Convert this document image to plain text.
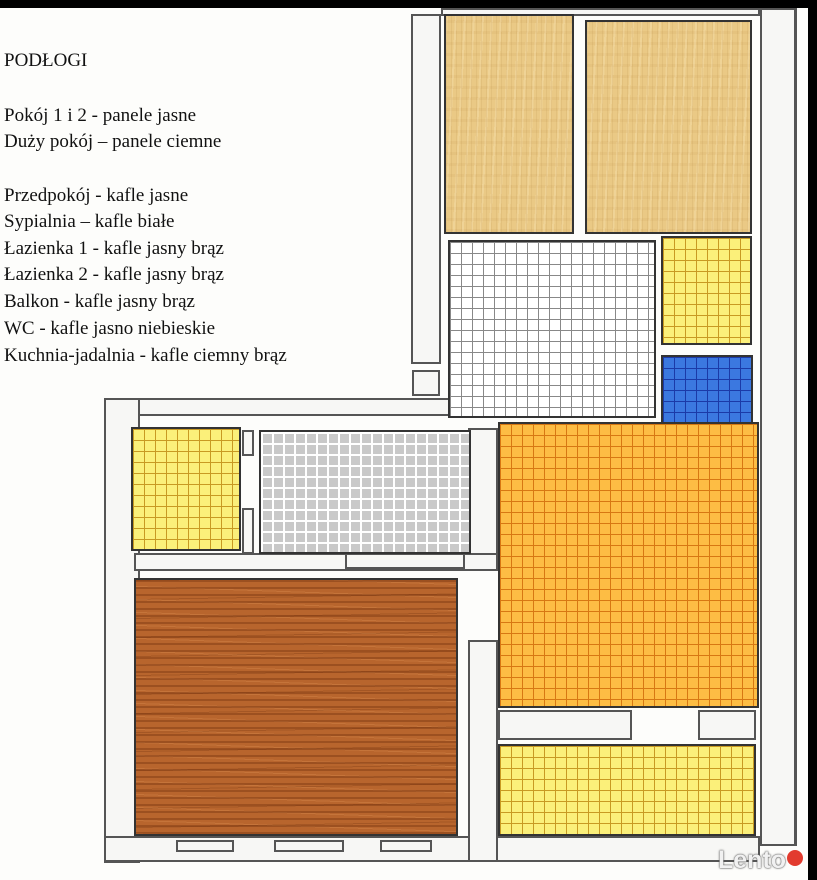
PODŁOGI
Pokój 1 i 2 - panele jasne
Duży pokój – panele ciemne
Przedpokój - kafle jasne
Sypialnia – kafle białe
Łazienka 1 - kafle jasny brąz
Łazienka 2 - kafle jasny brąz
Balkon - kafle jasny brąz
WC - kafle jasno niebieskie
Kuchnia-jadalnia - kafle ciemny brąz
Lento
